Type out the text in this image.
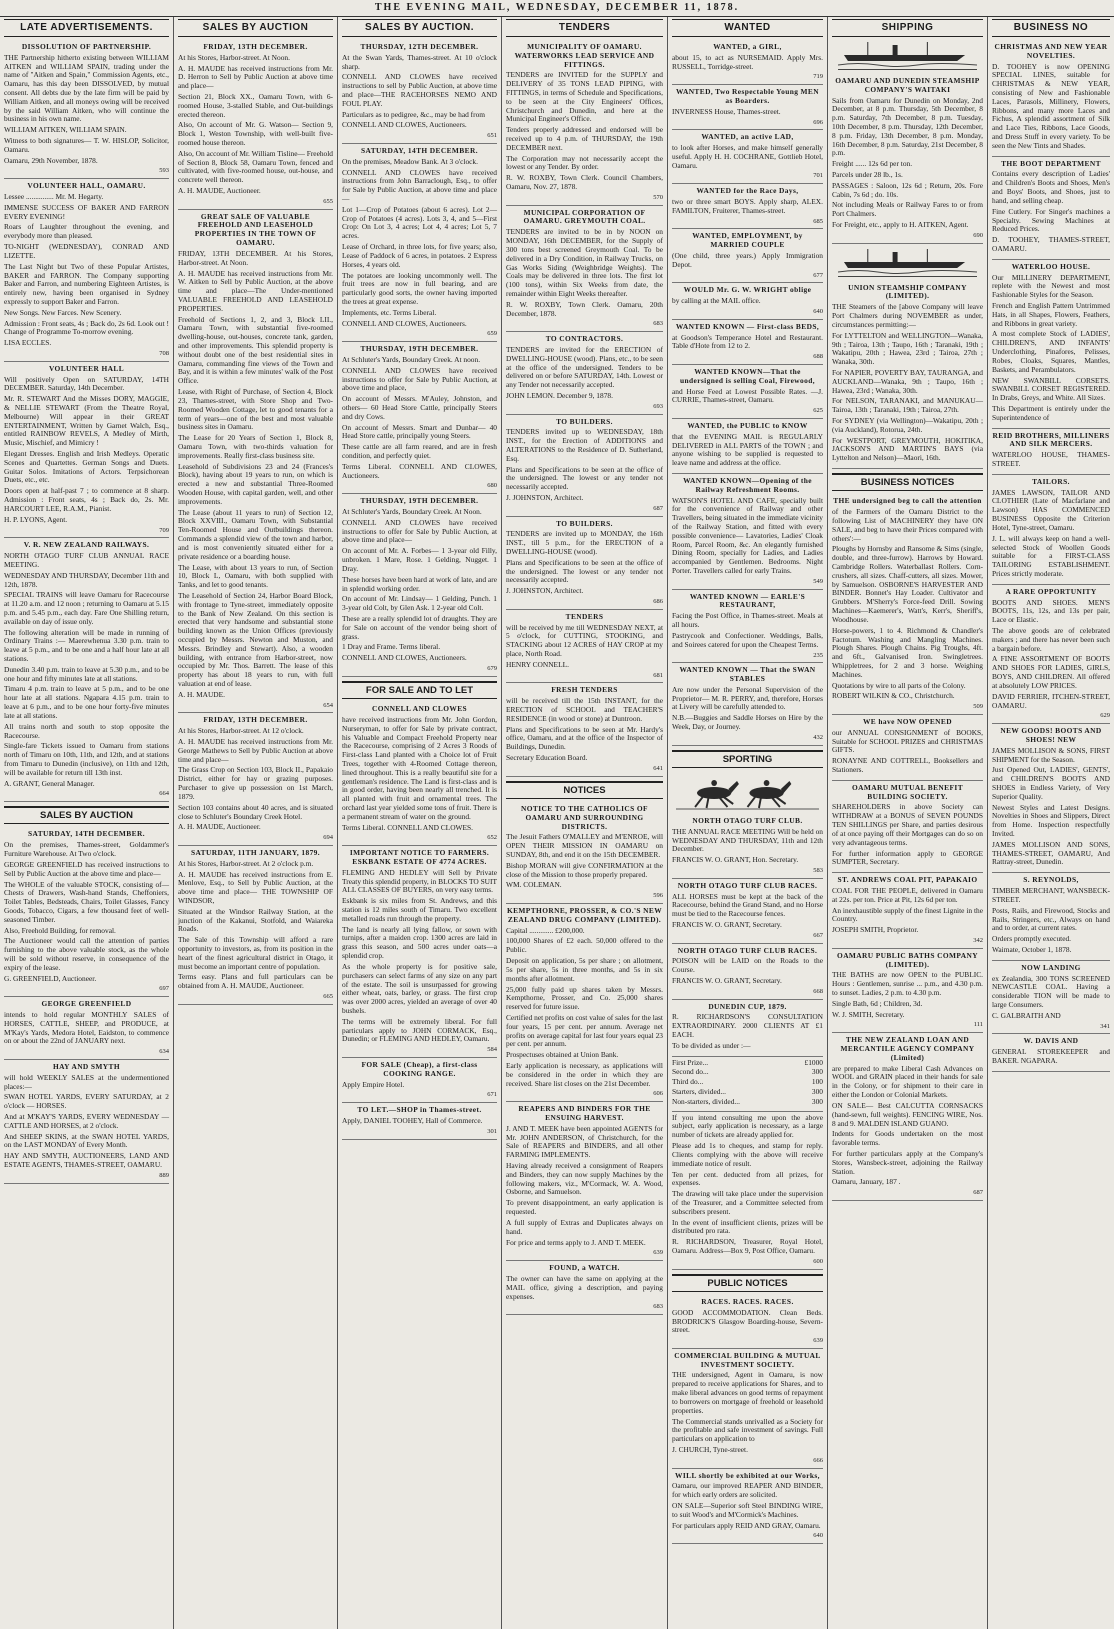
THE EVENING MAIL, WEDNESDAY, DECEMBER 11, 1878.
LATE ADVERTISEMENTS.
DISSOLUTION OF PARTNERSHIP.

THE Partnership hitherto existing between WILLIAM AITKEN and WILLIAM SPAIN, trading under the name of "Aitken and Spain," Commission Agents, etc., Oamaru, has this day been DISSOLVED, by mutual consent. All debts due by the late firm will be paid by William Aitken, and all moneys owing will be received by the said William Aitken, who will continue the business in his own name.

WILLIAM AITKEN, WILLIAM SPAIN.

Witness to both signatures— T. W. HISLOP, Solicitor, Oamaru.

Oamaru, 29th November, 1878.

593
VOLUNTEER HALL, OAMARU.

Lessee ............... Mr. M. Hegarty.

IMMENSE SUCCESS OF BAKER AND FARRON EVERY EVENING!

Roars of Laughter throughout the evening, and everybody more than pleased.

TO-NIGHT (WEDNESDAY), CONRAD AND LIZETTE.

The Last Night but Two of these Popular Artistes, BAKER and FARRON. The Company supporting Baker and Farron, and numbering Eighteen Artistes, is entirely new, having been organised in Sydney expressly to support Baker and Farron.

New Songs. New Farces. New Scenery.

Admission : Front seats, 4s ; Back do, 2s 6d. Look out ! Change of Programme To-morrow evening.

LISA ECCLES.

708
VOLUNTEER HALL

Will positively Open on SATURDAY, 14TH DECEMBER. Saturday, 14th December.

Mr. R. STEWART And the Misses DORY, MAGGIE, & NELLIE STEWART (From the Theatre Royal, Melbourne) Will appear in their GREAT ENTERTAINMENT, Written by Garnet Walch, Esq., entitled RAINBOW REVELS, A Medley of Mirth, Music, Mischief, and Mimicry !

Elegant Dresses. English and Irish Medleys. Operatic Scenes and Quartettes. German Songs and Duets. Guitar Solos. Imitations of Actors. Terpsichorean Duets, etc., etc.

Doors open at half-past 7 ; to commence at 8 sharp. Admission : Front seats, 4s ; Back do, 2s. Mr. HARCOURT LEE, R.A.M., Pianist.

H. P. LYONS, Agent.

709
V. R. NEW ZEALAND RAILWAYS.

NORTH OTAGO TURF CLUB ANNUAL RACE MEETING.

WEDNESDAY AND THURSDAY, December 11th and 12th, 1878.

SPECIAL TRAINS will leave Oamaru for Racecourse at 11.20 a.m. and 12 noon ; returning to Oamaru at 5.15 p.m. and 5.45 p.m., each day. Fare One Shilling return, available on day of issue only.

The following alteration will be made in running of Ordinary Trains :— Maerewhenua 3.30 p.m. train to leave at 5 p.m., and to be one and a half hour late at all stations.

Dunedin 3.40 p.m. train to leave at 5.30 p.m., and to be one hour and fifty minutes late at all stations.

Timaru 4 p.m. train to leave at 5 p.m., and to be one hour late at all stations. Ngapara 4.15 p.m. train to leave at 6 p.m., and to be one hour forty-five minutes late at all stations.

All trains north and south to stop opposite the Racecourse.

Single-fare Tickets issued to Oamaru from stations north of Timaru on 10th, 11th, and 12th, and at stations from Timaru to Dunedin (inclusive), on 11th and 12th, will be available for return till 13th inst.

A. GRANT, General Manager.

664
SALES BY AUCTION
SATURDAY, 14TH DECEMBER.

On the premises, Thames-street, Goldammer's Furniture Warehouse. At Two o'clock.

GEORGE GREENFIELD has received instructions to Sell by Public Auction at the above time and place—

The WHOLE of the valuable STOCK, consisting of— Chests of Drawers, Wash-hand Stands, Cheffoniers, Toilet Tables, Bedsteads, Chairs, Toilet Glasses, Fancy Goods, Tobacco, Cigars, a few thousand feet of well-seasoned Timber.

Also, Freehold Building, for removal.

The Auctioneer would call the attention of parties furnishing to the above valuable stock, as the whole will be sold without reserve, in consequence of the expiry of the lease.

G. GREENFIELD, Auctioneer.

697
GEORGE GREENFIELD

intends to hold regular MONTHLY SALES of HORSES, CATTLE, SHEEP, and PRODUCE, at M'Kay's Yards, Medora Hotel, Eaidston, to commence on or about the 22nd of JANUARY next.

634
HAY AND SMYTH

will hold WEEKLY SALES at the undermentioned places:—

SWAN HOTEL YARDS, EVERY SATURDAY, at 2 o'clock — HORSES.

And at M'KAY'S YARDS, EVERY WEDNESDAY — CATTLE AND HORSES, at 2 o'clock.

And SHEEP SKINS, at the SWAN HOTEL YARDS, on the LAST MONDAY of Every Month.

HAY AND SMYTH, AUCTIONEERS, LAND AND ESTATE AGENTS, THAMES-STREET, OAMARU.

889
SALES BY AUCTION
FRIDAY, 13TH DECEMBER.

At his Stores, Harbor-street. At Noon.

A. H. MAUDE has received instructions from Mr. D. Herron to Sell by Public Auction at above time and place—

Section 21, Block XX., Oamaru Town, with 6-roomed House, 3-stalled Stable, and Out-buildings erected thereon.

Also, On account of Mr. G. Watson— Section 9, Block 1, Weston Township, with well-built five-roomed house thereon.

Also, On account of Mr. William Tisline— Freehold of Section 8, Block 58, Oamaru Town, fenced and cultivated, with five-roomed house, out-house, and concrete well thereon.

A. H. MAUDE, Auctioneer.

655
GREAT SALE OF VALUABLE FREEHOLD AND LEASEHOLD PROPERTIES IN THE TOWN OF OAMARU.

FRIDAY, 13TH DECEMBER. At his Stores, Harbor-street. At Noon.

A. H. MAUDE has received instructions from Mr. W. Aitken to Sell by Public Auction, at the above time and place—The Under-mentioned VALUABLE FREEHOLD AND LEASEHOLD PROPERTIES.

Freehold of Sections 1, 2, and 3, Block LII., Oamaru Town, with substantial five-roomed dwelling-house, out-houses, concrete tank, garden, and other improvements. This splendid property is without doubt one of the best residential sites in Oamaru, commanding fine views of the Town and Bay, and it is within a few minutes' walk of the Post Office.

Lease, with Right of Purchase, of Section 4, Block 23, Thames-street, with Store Shop and Two-Roomed Wooden Cottage, let to good tenants for a term of years—one of the best and most valuable business sites in Oamaru.

The Lease for 20 Years of Section 1, Block 8, Oamaru Town, with two-thirds valuation for improvements. Really first-class business site.

Leasehold of Subdivisions 23 and 24 (Frances's Block), having about 19 years to run, on which is erected a new and substantial Three-Roomed Wooden House, with capital garden, well, and other improvements.

The Lease (about 11 years to run) of Section 12, Block XXVIII., Oamaru Town, with Substantial Ten-Roomed House and Outbuildings thereon. Commands a splendid view of the town and harbor, and is most conveniently situated either for a private residence or a boarding house.

The Lease, with about 13 years to run, of Section 10, Block L, Oamaru, with both supplied with Tanks, and let to good tenants.

The Leasehold of Section 24, Harbor Board Block, with frontage to Tyne-street, immediately opposite to the Bank of New Zealand. On this section is erected that very handsome and substantial stone building known as the Union Offices (previously occupied by Messrs. Newton and Muston, and Messrs. Brindley and Stewart). Also, a wooden building, with entrance from Harbor-street, now occupied by Mr. Thos. Barrett. The lease of this property has about 18 years to run, with full valuation at end of lease.

A. H. MAUDE.

654
FRIDAY, 13TH DECEMBER.

At his Stores, Harbor-street. At 12 o'clock.

A. H. MAUDE has received instructions from Mr. George Mathews to Sell by Public Auction at above time and place—

The Grass Crop on Section 103, Block II., Papakaio District, either for hay or grazing purposes. Purchaser to give up possession on 1st March, 1879.

Section 103 contains about 40 acres, and is situated close to Schluter's Boundary Creek Hotel.

A. H. MAUDE, Auctioneer.

694
SATURDAY, 11TH JANUARY, 1879.

At his Stores, Harbor-street. At 2 o'clock p.m.

A. H. MAUDE has received instructions from E. Menlove, Esq., to Sell by Public Auction, at the above time and place— THE TOWNSHIP OF WINDSOR,

Situated at the Windsor Railway Station, at the junction of the Kakanui, Stotfold, and Waiareka Roads.

The Sale of this Township will afford a rare opportunity to investors, as, from its position in the heart of the finest agricultural district in Otago, it must become an important centre of population.

Terms easy. Plans and full particulars can be obtained from A. H. MAUDE, Auctioneer.

665
SALES BY AUCTION.
THURSDAY, 12TH DECEMBER.

At the Swan Yards, Thames-street. At 10 o'clock sharp.

CONNELL AND CLOWES have received instructions to sell by Public Auction, at above time and place—THE RACEHORSES NEMO AND FOUL PLAY.

Particulars as to pedigree, &c., may be had from

CONNELL AND CLOWES, Auctioneers.

651
SATURDAY, 14TH DECEMBER.

On the premises, Meadow Bank. At 3 o'clock.

CONNELL AND CLOWES have received instructions from John Barraclough, Esq., to offer for Sale by Public Auction, at above time and place—

Lot 1—Crop of Potatoes (about 6 acres). Lot 2—Crop of Potatoes (4 acres). Lots 3, 4, and 5—First Crop: On Lot 3, 4 acres; Lot 4, 4 acres; Lot 5, 7 acres.

Lease of Orchard, in three lots, for five years; also, Lease of Paddock of 6 acres, in potatoes. 2 Express Horses, 4 years old.

The potatoes are looking uncommonly well. The fruit trees are now in full bearing, and are particularly good sorts, the owner having imported the trees at great expense.

Implements, etc. Terms Liberal.

CONNELL AND CLOWES, Auctioneers.

659
THURSDAY, 19TH DECEMBER.

At Schluter's Yards, Boundary Creek. At noon.

CONNELL AND CLOWES have received instructions to offer for Sale by Public Auction, at above time and place,

On account of Messrs. M'Auley, Johnston, and others— 60 Head Store Cattle, principally Steers and dry Cows.

On account of Messrs. Smart and Dunbar— 40 Head Store cattle, principally young Steers.

These cattle are all farm reared, and are in fresh condition, and perfectly quiet.

Terms Liberal. CONNELL AND CLOWES, Auctioneers.

680
THURSDAY, 19TH DECEMBER.

At Schluter's Yards, Boundary Creek. At Noon.

CONNELL AND CLOWES have received instructions to offer for Sale by Public Auction, at above time and place—

On account of Mr. A. Forbes— 1 3-year old Filly, unbroken. 1 Mare, Rose. 1 Gelding, Nugget. 1 Dray.

These horses have been hard at work of late, and are in splendid working order.

On account of Mr. Lindsay— 1 Gelding, Punch. 1 3-year old Colt, by Glen Ask. 1 2-year old Colt.

These are a really splendid lot of draughts. They are for Sale on account of the vendor being short of grass.

1 Dray and Frame. Terms liberal.

CONNELL AND CLOWES, Auctioneers.

679
FOR SALE AND TO LET
CONNELL AND CLOWES

have received instructions from Mr. John Gordon, Nurseryman, to offer for Sale by private contract, his Valuable and Compact Freehold Property near the Racecourse, comprising of 2 Acres 3 Roods of First-class Land planted with a Choice lot of Fruit Trees, together with 4-Roomed Cottage thereon, lined throughout. This is a really beautiful site for a gentleman's residence. The Land is first-class and is in good order, having been nearly all trenched. It is all planted with fruit and ornamental trees. The orchard last year yielded some tons of fruit. There is a permanent stream of water on the ground.

Terms Liberal. CONNELL AND CLOWES.

652
IMPORTANT NOTICE TO FARMERS. ESKBANK ESTATE OF 4774 ACRES.

FLEMING AND HEDLEY will Sell by Private Treaty this splendid property, in BLOCKS TO SUIT ALL CLASSES OF BUYERS, on very easy terms.

Eskbank is six miles from St. Andrews, and this station is 12 miles south of Timaru. Two excellent metalled roads run through the property.

The land is nearly all lying fallow, or sown with turnips, after a maiden crop. 1300 acres are laid in grass this season, and 500 acres under oats—a splendid crop.

As the whole property is for positive sale, purchasers can select farms of any size on any part of the estate. The soil is unsurpassed for growing either wheat, oats, barley, or grass. The first crop was over 2000 acres, yielded an average of over 40 bushels.

The terms will be extremely liberal. For full particulars apply to JOHN CORMACK, Esq., Dunedin; or FLEMING AND HEDLEY, Oamaru.

584
FOR SALE (Cheap), a first-class COOKING RANGE.

Apply Empire Hotel.

671
TO LET.—SHOP in Thames-street.

Apply, DANIEL TOOHEY, Hall of Commerce.

301
TENDERS
MUNICIPALITY OF OAMARU. WATERWORKS LEAD SERVICE AND FITTINGS.

TENDERS are INVITED for the SUPPLY and DELIVERY of 35 TONS LEAD PIPING, with FITTINGS, in terms of Schedule and Specifications, to be seen at the City Engineers' Offices, Christchurch and Dunedin, and here at the Municipal Engineer's Office.

Tenders properly addressed and endorsed will be received up to 4 p.m. of THURSDAY, the 19th DECEMBER next.

The Corporation may not necessarily accept the lowest or any Tender. By order.

R. W. ROXBY, Town Clerk. Council Chambers, Oamaru, Nov. 27, 1878.

570
MUNICIPAL CORPORATION OF OAMARU. GREYMOUTH COAL.

TENDERS are invited to be in by NOON on MONDAY, 16th DECEMBER, for the Supply of 300 tons best screened Greymouth Coal. To be delivered in a Dry Condition, in Railway Trucks, on Gas Works Siding (Weighbridge Weights). The Coals may be delivered in three lots. The first lot (100 tons), within Six Weeks from date, the remainder within Eight Weeks thereafter.

R. W. ROXBY, Town Clerk. Oamaru, 20th December, 1878.

683
TO CONTRACTORS.

TENDERS are invited for the ERECTION of DWELLING-HOUSE (wood). Plans, etc., to be seen at the office of the undersigned. Tenders to be delivered on or before SATURDAY, 14th. Lowest or any Tender not necessarily accepted.

JOHN LEMON. December 9, 1878.

693
TO BUILDERS.

TENDERS invited up to WEDNESDAY, 18th INST., for the Erection of ADDITIONS and ALTERATIONS to the Residence of D. Sutherland, Esq.

Plans and Specifications to be seen at the office of the undersigned. The lowest or any tender not necessarily accepted.

J. JOHNSTON, Architect.

687
TO BUILDERS.

TENDERS are invited up to MONDAY, the 16th INST., till 5 p.m., for the ERECTION of a DWELLING-HOUSE (wood).

Plans and Specifications to be seen at the office of the undersigned. The lowest or any tender not necessarily accepted.

J. JOHNSTON, Architect.

686
TENDERS

will be received by me till WEDNESDAY NEXT, at 5 o'clock, for CUTTING, STOOKING, and STACKING about 12 ACRES of HAY CROP at my place, North Road.

HENRY CONNELL.

681
FRESH TENDERS

will be received till the 15th INSTANT, for the ERECTION of SCHOOL and TEACHER'S RESIDENCE (in wood or stone) at Duntroon.

Plans and Specifications to be seen at Mr. Hardy's office, Oamaru, and at the office of the Inspector of Buildings, Dunedin.

Secretary Education Board.

641
NOTICES
NOTICE TO THE CATHOLICS OF OAMARU AND SURROUNDING DISTRICTS.

The Jesuit Fathers O'MALLEY and M'ENROE, will OPEN THEIR MISSION IN OAMARU on SUNDAY, 8th, and end it on the 15th DECEMBER.

Bishop MORAN will give CONFIRMATION at the close of the Mission to those properly prepared.

WM. COLEMAN.

596
KEMPTHORNE, PROSSER, & CO.'S NEW ZEALAND DRUG COMPANY (LIMITED).

Capital ............. £200,000.

100,000 Shares of £2 each. 50,000 offered to the Public.

Deposit on application, 5s per share ; on allotment, 5s per share, 5s in three months, and 5s in six months after allotment.

25,000 fully paid up shares taken by Messrs. Kempthorne, Prosser, and Co. 25,000 shares reserved for future issue.

Certified net profits on cost value of sales for the last four years, 15 per cent. per annum. Average net profits on average capital for last four years equal 23 per cent. per annum.

Prospectuses obtained at Union Bank.

Early application is necessary, as applications will be considered in the order in which they are received. Share list closes on the 21st December.

606
REAPERS AND BINDERS FOR THE ENSUING HARVEST.

J. AND T. MEEK have been appointed AGENTS for Mr. JOHN ANDERSON, of Christchurch, for the Sale of REAPERS and BINDERS, and all other FARMING IMPLEMENTS.

Having already received a consignment of Reapers and Binders, they can now supply Machines by the following makers, viz., M'Cormack, W. A. Wood, Osborne, and Samuelson.

To prevent disappointment, an early application is requested.

A full supply of Extras and Duplicates always on hand.

For price and terms apply to J. AND T. MEEK.

639
FOUND, a WATCH.

The owner can have the same on applying at the MAIL office, giving a description, and paying expenses.

683
WANTED
WANTED, a GIRL,

about 15, to act as NURSEMAID. Apply Mrs. RUSSELL, Torridge-street.

719
WANTED, Two Respectable Young MEN as Boarders.

INVERNESS House, Thames-street.

696
WANTED, an active LAD,

to look after Horses, and make himself generally useful. Apply H. H. COCHRANE, Gottlieb Hotel, Oamaru.

701
WANTED for the Race Days,

two or three smart BOYS. Apply sharp, ALEX. FAMILTON, Fruiterer, Thames-street.

685
WANTED, EMPLOYMENT, by MARRIED COUPLE

(One child, three years.) Apply Immigration Depot.

677
WOULD Mr. G. W. WRIGHT oblige

by calling at the MAIL office.

640
WANTED KNOWN — First-class BEDS,

at Goodson's Temperance Hotel and Restaurant. Table d'Hote from 12 to 2.

688
WANTED KNOWN—That the undersigned is selling Coal, Firewood,

and Horse Feed at Lowest Possible Rates. —J. CURRIE, Thames-street, Oamaru.

625
WANTED, the PUBLIC to KNOW

that the EVENING MAIL is REGULARLY DELIVERED in ALL PARTS of the TOWN ; and anyone wishing to be supplied is requested to leave name and address at the office.

WANTED KNOWN—Opening of the Railway Refreshment Rooms.

WATSON'S HOTEL AND CAFE, specially built for the convenience of Railway and other Travellers, being situated in the immediate vicinity of the Railway Station, and fitted with every possible convenience— Lavatories, Ladies' Cloak Room, Parcel Room, &c. An elegantly furnished Dining Room, specially for Ladies, and Ladies accompanied by Gentlemen. Bedrooms. Night Porter. Travellers called for early Trains.

549
WANTED KNOWN — EARLE'S RESTAURANT,

Facing the Post Office, in Thames-street. Meals at all hours.

Pastrycook and Confectioner. Weddings, Balls, and Soirees catered for upon the Cheapest Terms.

235
WANTED KNOWN — That the SWAN STABLES

Are now under the Personal Supervision of the Proprietor— M. R. PERRY, and, therefore, Horses at Livery will be carefully attended to.

N.B.—Buggies and Saddle Horses on Hire by the Week, Day, or Journey.

432
SPORTING
NORTH OTAGO TURF CLUB.

THE ANNUAL RACE MEETING Will be held on WEDNESDAY AND THURSDAY, 11th and 12th December.

FRANCIS W. O. GRANT, Hon. Secretary.

583
NORTH OTAGO TURF CLUB RACES.

ALL HORSES must be kept at the back of the Racecourse, behind the Grand Stand, and no Horse must be tied to the Racecourse fences.

FRANCIS W. O. GRANT, Secretary.

667
NORTH OTAGO TURF CLUB RACES.

POISON will be LAID on the Roads to the Course.

FRANCIS W. O. GRANT, Secretary.

668
DUNEDIN CUP, 1879.

R. RICHARDSON'S CONSULTATION EXTRAORDINARY. 2000 CLIENTS AT £1 EACH.

To be divided as under :—

First Prize...	£1000
Second do...	300
Third do...	100
Starters, divided...	300
Non-starters, divided...	300

If you intend consulting me upon the above subject, early application is necessary, as a large number of tickets are already applied for.

Please add 1s to cheques, and stamp for reply. Clients complying with the above will receive immediate notice of result.

Ten per cent. deducted from all prizes, for expenses.

The drawing will take place under the supervision of the Treasurer, and a Committee selected from subscribers present.

In the event of insufficient clients, prizes will be distributed pro rata.

R. RICHARDSON, Treasurer, Royal Hotel, Oamaru. Address—Box 9, Post Office, Oamaru.

600
PUBLIC NOTICES
RACES. RACES. RACES.

GOOD ACCOMMODATION. Clean Beds. BRODRICK'S Glasgow Boarding-house, Severn-street.

639
COMMERCIAL BUILDING & MUTUAL INVESTMENT SOCIETY.

THE undersigned, Agent in Oamaru, is now prepared to receive applications for Shares, and to make liberal advances on good terms of repayment to borrowers on mortgage of freehold or leasehold properties.

The Commercial stands unrivalled as a Society for the profitable and safe investment of savings. Full particulars on application to

J. CHURCH, Tyne-street.

666
WILL shortly be exhibited at our Works,

Oamaru, our improved REAPER AND BINDER, for which early orders are solicited.

ON SALE—Superior soft Steel BINDING WIRE, to suit Wood's and M'Cormick's Machines.

For particulars apply REID AND GRAY, Oamaru.

640
SHIPPING
OAMARU AND DUNEDIN STEAMSHIP COMPANY'S WAITAKI

Sails from Oamaru for Dunedin on Monday, 2nd December, at 8 p.m. Thursday, 5th December, 8 p.m. Saturday, 7th December, 8 p.m. Tuesday, 10th December, 8 p.m. Thursday, 12th December, 8 p.m. Friday, 13th December, 8 p.m. Monday, 16th December, 8 p.m. Saturday, 21st December, 8 p.m.

Freight ...... 12s 6d per ton.

Parcels under 28 lb., 1s.

PASSAGES : Saloon, 12s 6d ; Return, 20s. Fore Cabin, 7s 6d ; do. 10s.

Not including Meals or Railway Fares to or from Port Chalmers.

For Freight, etc., apply to H. AITKEN, Agent.

690
UNION STEAMSHIP COMPANY (LIMITED).

THE Steamers of the [above Company will leave Port Chalmers during NOVEMBER as under, circumstances permitting:—

For LYTTELTON and WELLINGTON—Wanaka, 9th ; Tairoa, 13th ; Taupo, 16th ; Taranaki, 19th ; Wakatipu, 20th ; Hawea, 23rd ; Tairoa, 27th ; Wanaka, 30th.

For NAPIER, POVERTY BAY, TAURANGA, and AUCKLAND—Wanaka, 9th ; Taupo, 16th ; Hawea, 23rd ; Wanaka, 30th.

For NELSON, TARANAKI, and MANUKAU—Tairoa, 13th ; Taranaki, 19th ; Tairoa, 27th.

For SYDNEY (via Wellington)—Wakatipu, 20th ; (via Auckland), Rotorua, 24th.

For WESTPORT, GREYMOUTH, HOKITIKA, JACKSON'S AND MARTIN'S BAYS (via Lyttelton and Nelson)—Maori, 16th.

BUSINESS NOTICES
THE undersigned beg to call the attention

of the Farmers of the Oamaru District to the following List of MACHINERY they have ON SALE, and beg to have their Prices compared with others':—

Ploughs by Hornsby and Ransome & Sims (single, double, and three-furrow). Harrows by Howard. Cambridge Rollers. Waterballast Rollers. Corn-crushers, all sizes. Chaff-cutters, all sizes. Mower, by Samuelson. OSBORNE'S HARVESTER AND BINDER. Bonnet's Hay Loader. Cultivator and Grubbers. M'Sherry's Force-feed Drill. Sowing Machines—Kaemerer's, Watt's, Kerr's, Sheriff's, Woodhouse.

Horse-powers, 1 to 4. Richmond & Chandler's Factotum. Washing and Mangling Machines. Plough Shares. Plough Chains. Pig Troughs, 4ft. and 6ft., Galvanised Iron. Swingletrees. Whippletrees, for 2 and 3 horse. Weighing Machines.

Quotations by wire to all parts of the Colony.

ROBERT WILKIN & CO., Christchurch.

509
WE have NOW OPENED

our ANNUAL CONSIGNMENT of BOOKS, Suitable for SCHOOL PRIZES and CHRISTMAS GIFTS.

RONAYNE AND COTTRELL, Booksellers and Stationers.

OAMARU MUTUAL BENEFIT BUILDING SOCIETY.

SHAREHOLDERS in above Society can WITHDRAW at a BONUS of SEVEN POUNDS TEN SHILLINGS per Share, and parties desirous of at once paying off their Mortgages can do so on very advantageous terms.

For further information apply to GEORGE SUMPTER, Secretary.

ST. ANDREWS COAL PIT, PAPAKAIO

COAL FOR THE PEOPLE, delivered in Oamaru at 22s. per ton. Price at Pit, 12s 6d per ton.

An inexhaustible supply of the finest Lignite in the Country.

JOSEPH SMITH, Proprietor.

342
OAMARU PUBLIC BATHS COMPANY (LIMITED).

THE BATHS are now OPEN to the PUBLIC. Hours : Gentlemen, sunrise ... p.m., and 4.30 p.m. to sunset. Ladies, 2 p.m. to 4.30 p.m.

Single Bath, 6d ; Children, 3d.

W. J. SMITH, Secretary.

111
THE NEW ZEALAND LOAN AND MERCANTILE AGENCY COMPANY (Limited)

are prepared to make Liberal Cash Advances on WOOL and GRAIN placed in their hands for sale in the Colony, or for shipment to their care in either the London or Colonial Markets.

ON SALE— Best CALCUTTA CORNSACKS (hand-sewn, full weights). FENCING WIRE, Nos. 8 and 9. MALDEN ISLAND GUANO.

Indents for Goods undertaken on the most favorable terms.

For further particulars apply at the Company's Stores, Wansbeck-street, adjoining the Railway Station.

Oamaru, January, 187 .

687
BUSINESS NO
CHRISTMAS AND NEW YEAR NOVELTIES.

D. TOOHEY is now OPENING SPECIAL LINES, suitable for CHRISTMAS & NEW YEAR, consisting of New and Fashionable Laces, Parasols, Millinery, Flowers, Ribbons, and many more Laces and Fichus, A splendid assortment of Silk and Lace Ties, Ribbons, Lace Goods, and Dress Stuff in every variety. To be seen the New Tints and Shades.

THE BOOT DEPARTMENT

Contains every description of Ladies' and Children's Boots and Shoes, Men's and Boys' Boots, and Shoes, just to hand, and selling cheap.

Fine Cutlery. For Singer's machines a Specialty. Sewing Machines at Reduced Prices.

D. TOOHEY, THAMES-STREET, OAMARU.

WATERLOO HOUSE.

Our MILLINERY DEPARTMENT, replete with the Newest and most Fashionable Styles for the Season.

French and English Pattern Untrimmed Hats, in all Shapes, Flowers, Feathers, and Ribbons in great variety.

A most complete Stock of LADIES', CHILDREN'S, AND INFANTS' Underclothing, Pinafores, Pelisses, Robes, Cloaks, Squares, Mantles, Baskets, and Perambulators.

NEW SWANBILL CORSETS. SWANBILL CORSET REGISTERED. In Drabs, Greys, and White. All Sizes.

This Department is entirely under the Superintendence of

REID BROTHERS, MILLINERS AND SILK MERCERS.

WATERLOO HOUSE, THAMES-STREET.

TAILORS.

JAMES LAWSON, TAILOR AND CLOTHIER (Late of Macfarlane and Lawson) HAS COMMENCED BUSINESS Opposite the Criterion Hotel, Tyne-street, Oamaru.

J. L. will always keep on hand a well-selected Stock of Woollen Goods suitable for a FIRST-CLASS TAILORING ESTABLISHMENT. Prices strictly moderate.

A RARE OPPORTUNITY

BOOTS AND SHOES. MEN'S BOOTS, 11s, 12s, and 13s per pair, Lace or Elastic.

The above goods are of celebrated makers ; and there has never been such a bargain before.

A FINE ASSORTMENT OF BOOTS AND SHOES FOR LADIES, GIRLS, BOYS, AND CHILDREN. All offered at absolutely LOW PRICES.

DAVID FERRIER, ITCHEN-STREET, OAMARU.

629
NEW GOODS! BOOTS AND SHOES! NEW

JAMES MOLLISON & SONS, FIRST SHIPMENT for the Season.

Just Opened Out, LADIES', GENTS', and CHILDREN'S BOOTS AND SHOES in Endless Variety, of Very Superior Quality.

Newest Styles and Latest Designs. Novelties in Shoes and Slippers, Direct from Home. Inspection respectfully Invited.

JAMES MOLLISON AND SONS, THAMES-STREET, OAMARU, And Rattray-street, Dunedin.

S. REYNOLDS,

TIMBER MERCHANT, WANSBECK-STREET.

Posts, Rails, and Firewood, Stocks and Rails, Stringers, etc., Always on hand and to order, at current rates.

Orders promptly executed.

Waimate, October 1, 1878.

NOW LANDING

ex Zealandia, 300 TONS SCREENED NEWCASTLE COAL. Having a considerable TION will be made to large Consumers.

C. GALBRAITH AND

341
W. DAVIS AND

GENERAL STOREKEEPER and BAKER. NGAPARA.
